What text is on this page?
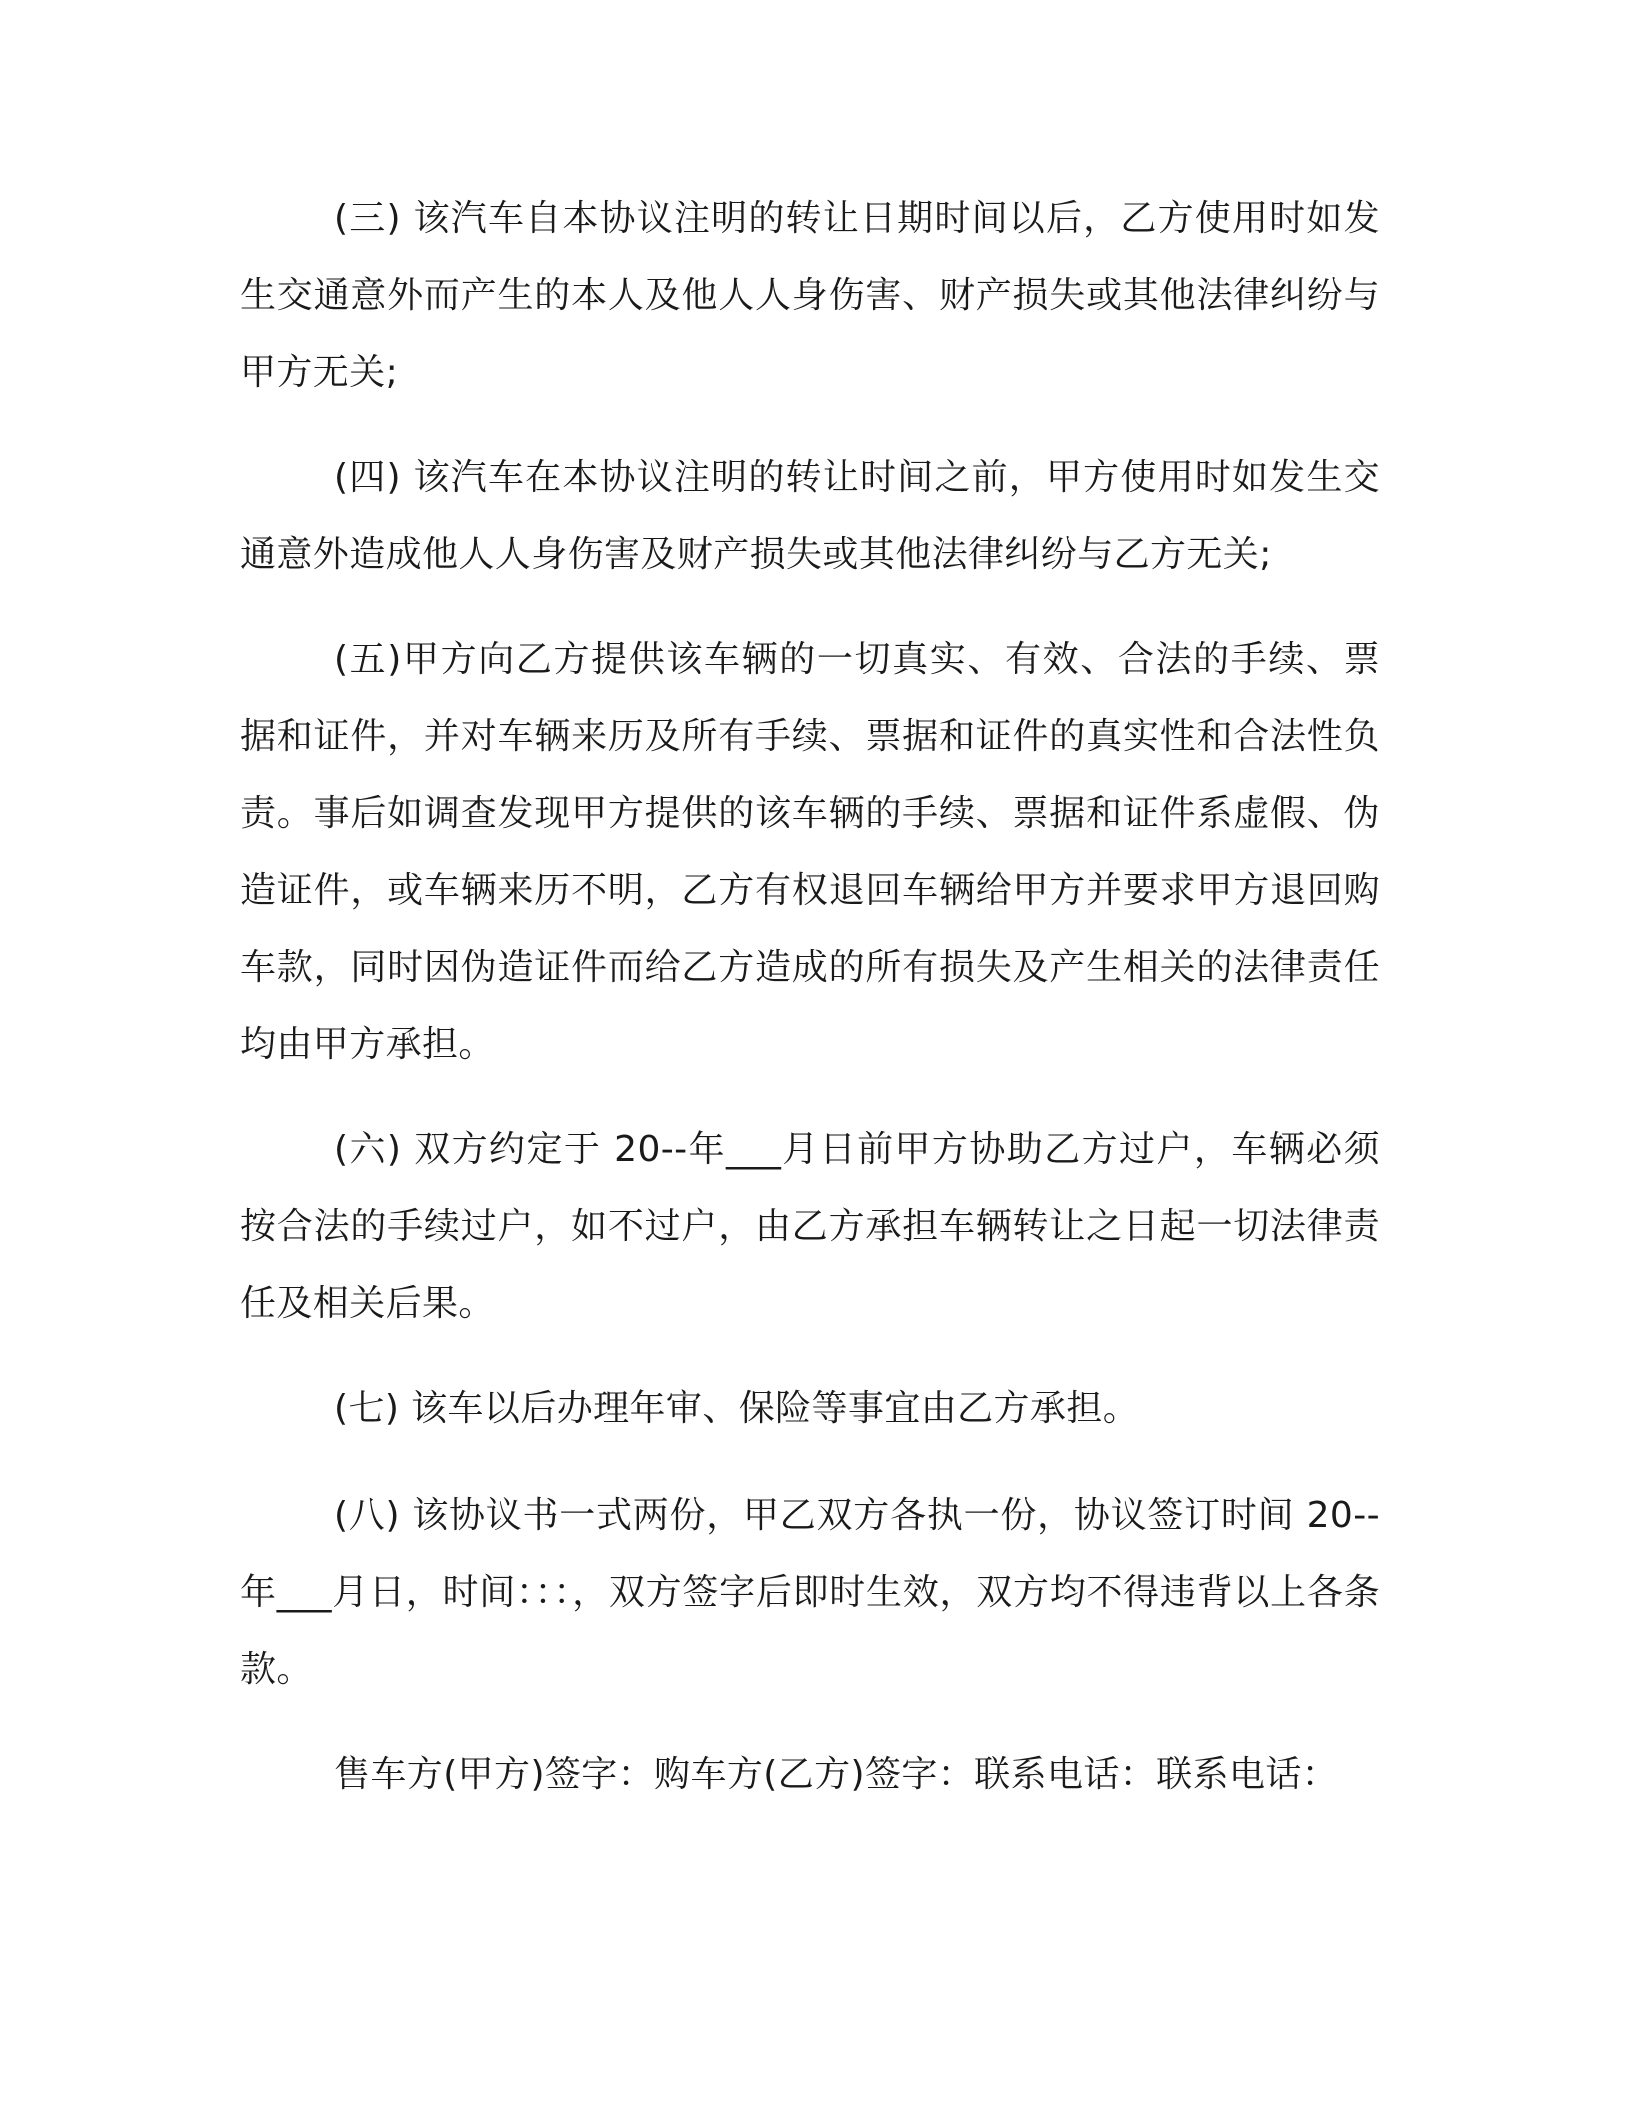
(三) 该汽车自本协议注明的转让日期时间以后，乙方使用时如发生交通意外而产生的本人及他人人身伤害、财产损失或其他法律纠纷与甲方无关;

(四) 该汽车在本协议注明的转让时间之前，甲方使用时如发生交通意外造成他人人身伤害及财产损失或其他法律纠纷与乙方无关;

(五)甲方向乙方提供该车辆的一切真实、有效、合法的手续、票据和证件，并对车辆来历及所有手续、票据和证件的真实性和合法性负责。事后如调查发现甲方提供的该车辆的手续、票据和证件系虚假、伪造证件，或车辆来历不明，乙方有权退回车辆给甲方并要求甲方退回购车款，同时因伪造证件而给乙方造成的所有损失及产生相关的法律责任均由甲方承担。

(六) 双方约定于 20--年___月日前甲方协助乙方过户，车辆必须按合法的手续过户，如不过户，由乙方承担车辆转让之日起一切法律责任及相关后果。

(七) 该车以后办理年审、保险等事宜由乙方承担。

(八) 该协议书一式两份，甲乙双方各执一份，协议签订时间 20--年___月日，时间：：：，双方签字后即时生效，双方均不得违背以上各条款。

售车方(甲方)签字：购车方(乙方)签字：联系电话：联系电话：
